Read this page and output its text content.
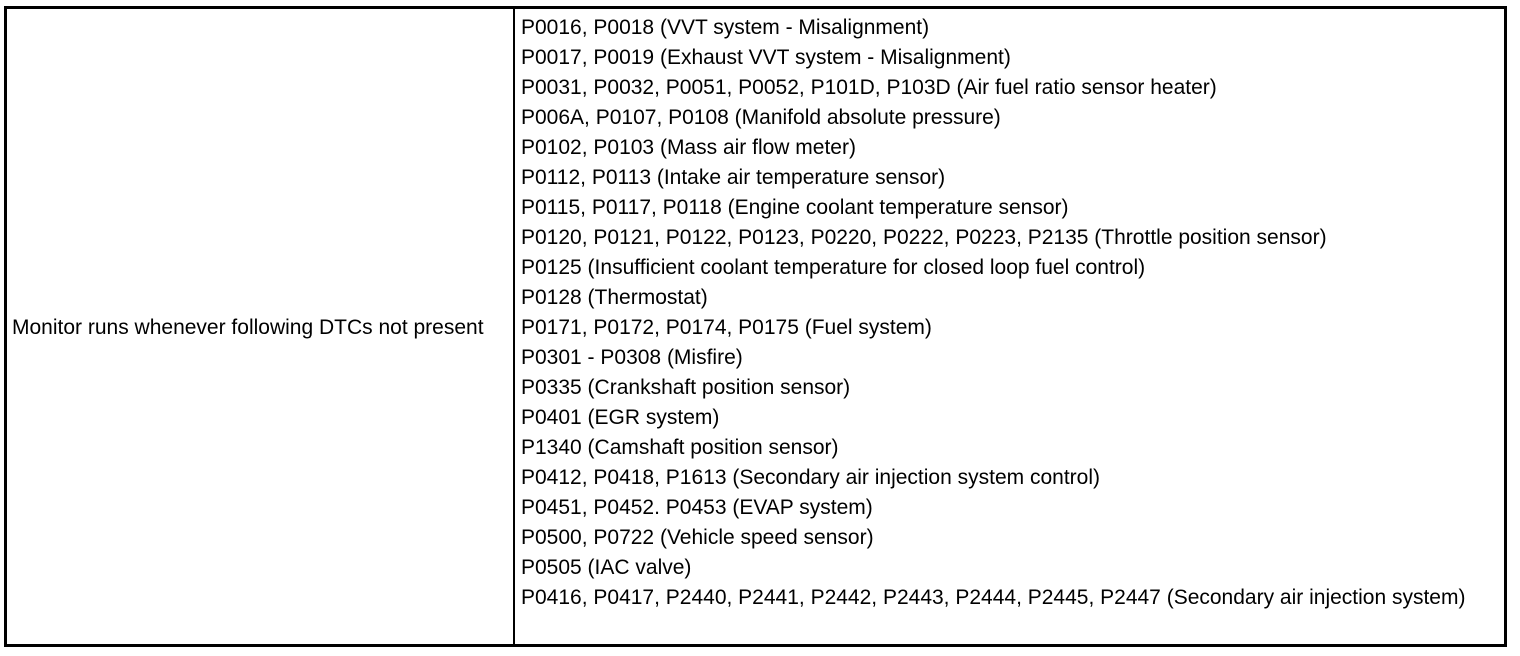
Monitor runs whenever following DTCs not present
P0016, P0018 (VVT system - Misalignment)
P0017, P0019 (Exhaust VVT system - Misalignment)
P0031, P0032, P0051, P0052, P101D, P103D (Air fuel ratio sensor heater)
P006A, P0107, P0108 (Manifold absolute pressure)
P0102, P0103 (Mass air flow meter)
P0112, P0113 (Intake air temperature sensor)
P0115, P0117, P0118 (Engine coolant temperature sensor)
P0120, P0121, P0122, P0123, P0220, P0222, P0223, P2135 (Throttle position sensor)
P0125 (Insufficient coolant temperature for closed loop fuel control)
P0128 (Thermostat)
P0171, P0172, P0174, P0175 (Fuel system)
P0301 - P0308 (Misfire)
P0335 (Crankshaft position sensor)
P0401 (EGR system)
P1340 (Camshaft position sensor)
P0412, P0418, P1613 (Secondary air injection system control)
P0451, P0452. P0453 (EVAP system)
P0500, P0722 (Vehicle speed sensor)
P0505 (IAC valve)
P0416, P0417, P2440, P2441, P2442, P2443, P2444, P2445, P2447 (Secondary air injection system)
